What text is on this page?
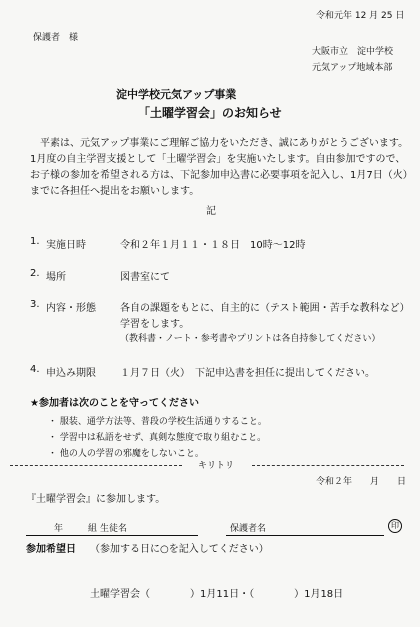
令和元年 12 月 25 日
保護者　様
大阪市立　淀中学校
元気アップ地域本部
淀中学校元気アップ事業
「土曜学習会」のお知らせ
平素は、元気アップ事業にご理解ご協力をいただき、誠にありがとうございます。
1月度の自主学習支援として「土曜学習会」を実施いたします。自由参加ですので、
お子様の参加を希望される方は、下記参加申込書に必要事項を記入し、1月7日（火）
までに各担任へ提出をお願いします。
記
1. 実施日時	令和２年１月１１・１８日　10時〜12時
2. 場所	図書室にて
3. 内容・形態 各自の課題をもとに、自主的に（テスト範囲・苦手な教科など）
学習をします。
（教科書・ノート・参考書やプリントは各自持参してください）
4. 申込み期限 １月７日（火）　下記申込書を担任に提出してください。
★参加者は次のことを守ってください
・ 服装、通学方法等、普段の学校生活通りすること。
・ 学習中は私語をせず、真剣な態度で取り組むこと。
・ 他の人の学習の邪魔をしないこと。
キリトリ
令和２年　　月　　日
『土曜学習会』に参加します。
年	組 生徒名	保護者名	印
参加希望日 （参加する日に○を記入してください）
土曜学習会（　　　　）1月11日・（　　　　）1月18日
